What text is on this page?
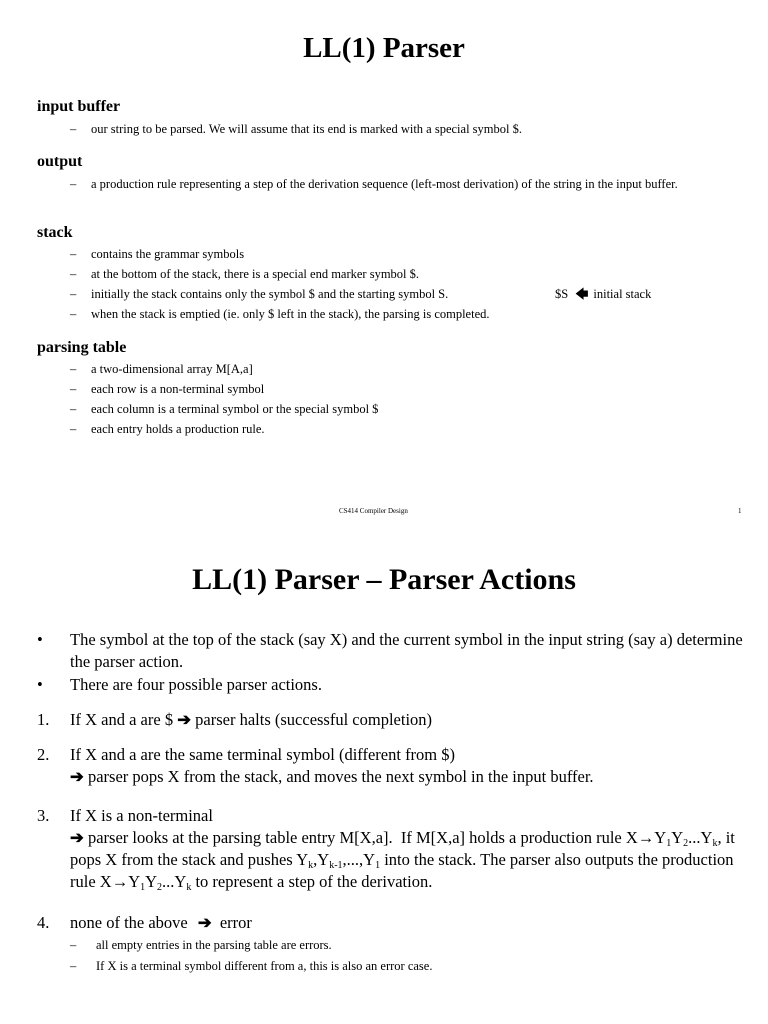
LL(1) Parser
input buffer
– our string to be parsed. We will assume that its end is marked with a special symbol $.
output
– a production rule representing a step of the derivation sequence (left-most derivation) of the string in the input buffer.
stack
– contains the grammar symbols
– at the bottom of the stack, there is a special end marker symbol $.
– initially the stack contains only the symbol $ and the starting symbol S.	$S 🡄 initial stack
– when the stack is emptied (ie. only $ left in the stack), the parsing is completed.
parsing table
– a two-dimensional array M[A,a]
– each row is a non-terminal symbol
– each column is a terminal symbol or the special symbol $
– each entry holds a production rule.
CS414 Compiler Design	1
LL(1) Parser – Parser Actions
• The symbol at the top of the stack (say X) and the current symbol in the input string (say a) determine the parser action.
• There are four possible parser actions.
1. If X and a are $ ➔ parser halts (successful completion)
2. If X and a are the same terminal symbol (different from $)
➔ parser pops X from the stack, and moves the next symbol in the input buffer.
3. If X is a non-terminal
➔ parser looks at the parsing table entry M[X,a].  If M[X,a] holds a production rule $X\to Y_1Y_2...Y_k$, it pops X from the stack and pushes $Y_k,Y_{k-1},...,Y_1$ into the stack. The parser also outputs the production rule $X\to Y_1Y_2...Y_k$ to represent a step of the derivation.
4. none of the above ➔ error
– all empty entries in the parsing table are errors.
– If X is a terminal symbol different from a, this is also an error case.
